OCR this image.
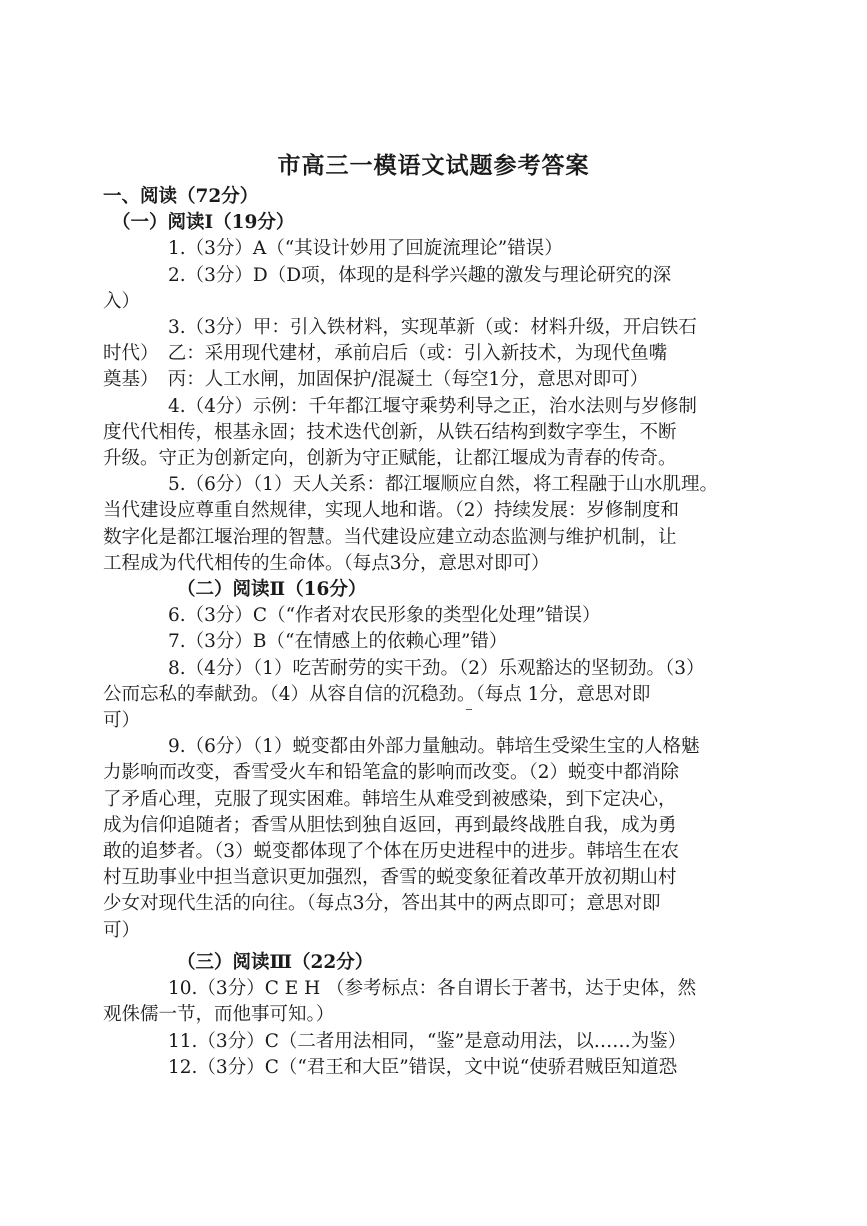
市高三一模语文试题参考答案
一、阅读（72分）
（一）阅读Ⅰ（19分）
1.（3分）A（“其设计妙用了回旋流理论”错误）
2.（3分）D（D项，体现的是科学兴趣的激发与理论研究的深
入）
3.（3分）甲：引入铁材料，实现革新（或：材料升级，开启铁石
时代）　乙：采用现代建材，承前启后（或：引入新技术，为现代鱼嘴
奠基）　丙：人工水闸，加固保护/混凝土（每空1分，意思对即可）
4.（4分）示例：千年都江堰守乘势利导之正，治水法则与岁修制
度代代相传，根基永固；技术迭代创新，从铁石结构到数字孪生，不断
升级。守正为创新定向，创新为守正赋能，让都江堰成为青春的传奇。
5.（6分）（1）天人关系：都江堰顺应自然，将工程融于山水肌理。
当代建设应尊重自然规律，实现人地和谐。（2）持续发展：岁修制度和
数字化是都江堰治理的智慧。当代建设应建立动态监测与维护机制，让
工程成为代代相传的生命体。（每点3分，意思对即可）
（二）阅读Ⅱ（16分）
6.（3分）C（“作者对农民形象的类型化处理”错误）
7.（3分）B（“在情感上的依赖心理”错）
8.（4分）（1）吃苦耐劳的实干劲。（2）乐观豁达的坚韧劲。（3）
公而忘私的奉献劲。（4）从容自信的沉稳劲。（每点 1分，意思对即
可）
9.（6分）（1）蜕变都由外部力量触动。韩培生受梁生宝的人格魅
力影响而改变，香雪受火车和铅笔盒的影响而改变。（2）蜕变中都消除
了矛盾心理，克服了现实困难。韩培生从难受到被感染，到下定决心，
成为信仰追随者；香雪从胆怯到独自返回，再到最终战胜自我，成为勇
敢的追梦者。（3）蜕变都体现了个体在历史进程中的进步。韩培生在农
村互助事业中担当意识更加强烈，香雪的蜕变象征着改革开放初期山村
少女对现代生活的向往。（每点3分，答出其中的两点即可；意思对即
可）
（三）阅读Ⅲ（22分）
10.（3分）C E H （参考标点：各自谓长于著书，达于史体，然
观侏儒一节，而他事可知。）
11.（3分）C（二者用法相同，“鉴”是意动用法，以……为鉴）
12.（3分）C（“君王和大臣”错误，文中说“使骄君贼臣知道恐
